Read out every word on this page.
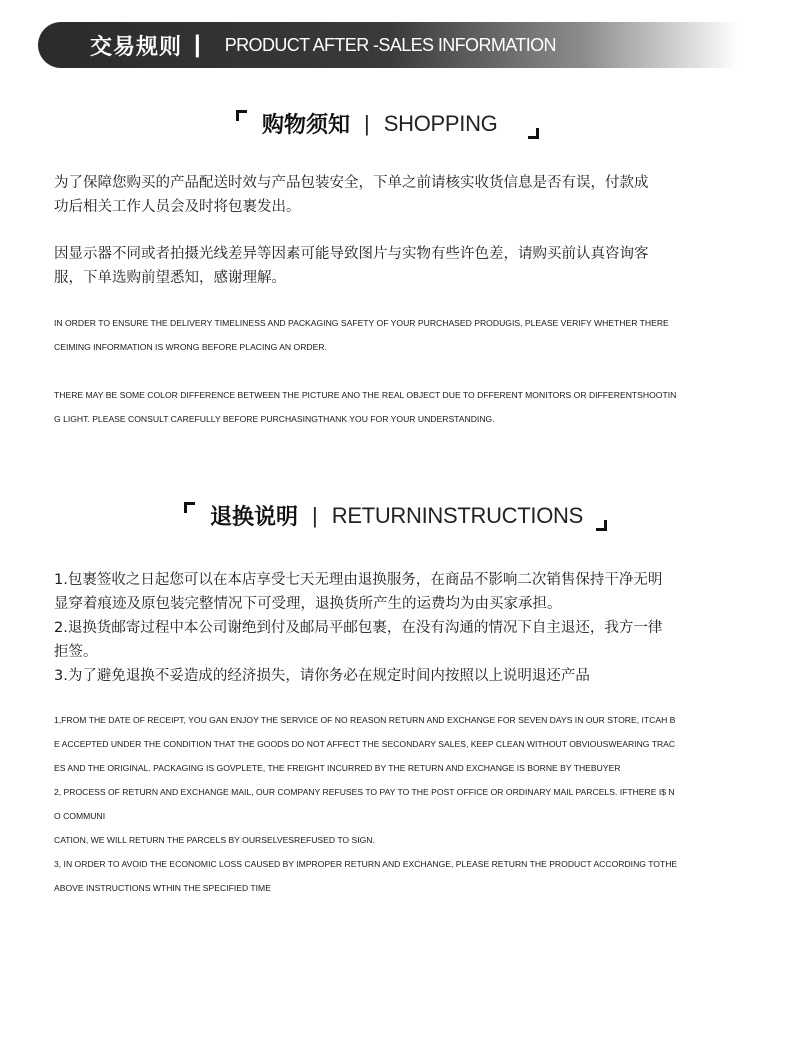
交易规则 | PRODUCT AFTER -SALES INFORMATION
购物须知 | SHOPPING

为了保障您购买的产品配送时效与产品包装安全，下单之前请核实收货信息是否有误，付款成
功后相关工作人员会及时将包裹发出。

因显示器不同或者拍摄光线差异等因素可能导致图片与实物有些许色差，请购买前认真咨询客
服，下单选购前望悉知，感谢理解。

IN ORDER TO ENSURE THE DELIVERY TIMELINESS AND PACKAGING SAFETY OF YOUR PURCHASED PRODUGIS, PLEASE VERIFY WHETHER THERE
CEIMING INFORMATION IS WRONG BEFORE PLACING AN ORDER.

THERE MAY BE SOME COLOR DIFFERENCE BETWEEN THE PICTURE ANO THE REAL OBJECT DUE TO DFFERENT MONITORS OR DIFFERENTSHOOTIN
G LIGHT. PLEASE CONSULT CAREFULLY BEFORE PURCHASINGTHANK YOU FOR YOUR UNDERSTANDING.

退换说明 | RETURNINSTRUCTIONS

1.包裹签收之日起您可以在本店享受七天无理由退换服务，在商品不影响二次销售保持干净无明
显穿着痕迹及原包装完整情况下可受理，退换货所产生的运费均为由买家承担。
2.退换货邮寄过程中本公司谢绝到付及邮局平邮包裹，在没有沟通的情况下自主退还，我方一律
拒签。
3.为了避免退换不妥造成的经济损失，请你务必在规定时间内按照以上说明退还产品

1,FROM THE DATE OF RECEIPT, YOU GAN ENJOY THE SERVICE OF NO REASON RETURN AND EXCHANGE FOR SEVEN DAYS IN OUR STORE, ITCAH B
E ACCEPTED UNDER THE CONDITION THAT THE GOODS DO NOT AFFECT THE SECONDARY SALES, KEEP CLEAN WITHOUT OBVIOUSWEARING TRAC
ES AND THE ORIGINAL. PACKAGING IS GOVPLETE, THE FREIGHT INCURRED BY THE RETURN AND EXCHANGE IS BORNE BY THEBUYER
2, PROCESS OF RETURN AND EXCHANGE MAIL, OUR COMPANY REFUSES TO PAY TO THE POST OFFICE OR ORDINARY MAIL PARCELS. IFTHERE I$ N
O COMMUNI
CATION, WE WILL RETURN THE PARCELS BY OURSELVESREFUSED TO SIGN.
3, IN ORDER TO AVOID THE ECONOMIC LOSS CAUSED BY IMPROPER RETURN AND EXCHANGE, PLEASE RETURN THE PRODUCT ACCORDING TOTHE
ABOVE INSTRUCTIONS WTHIN THE SPECIFIED TIME
